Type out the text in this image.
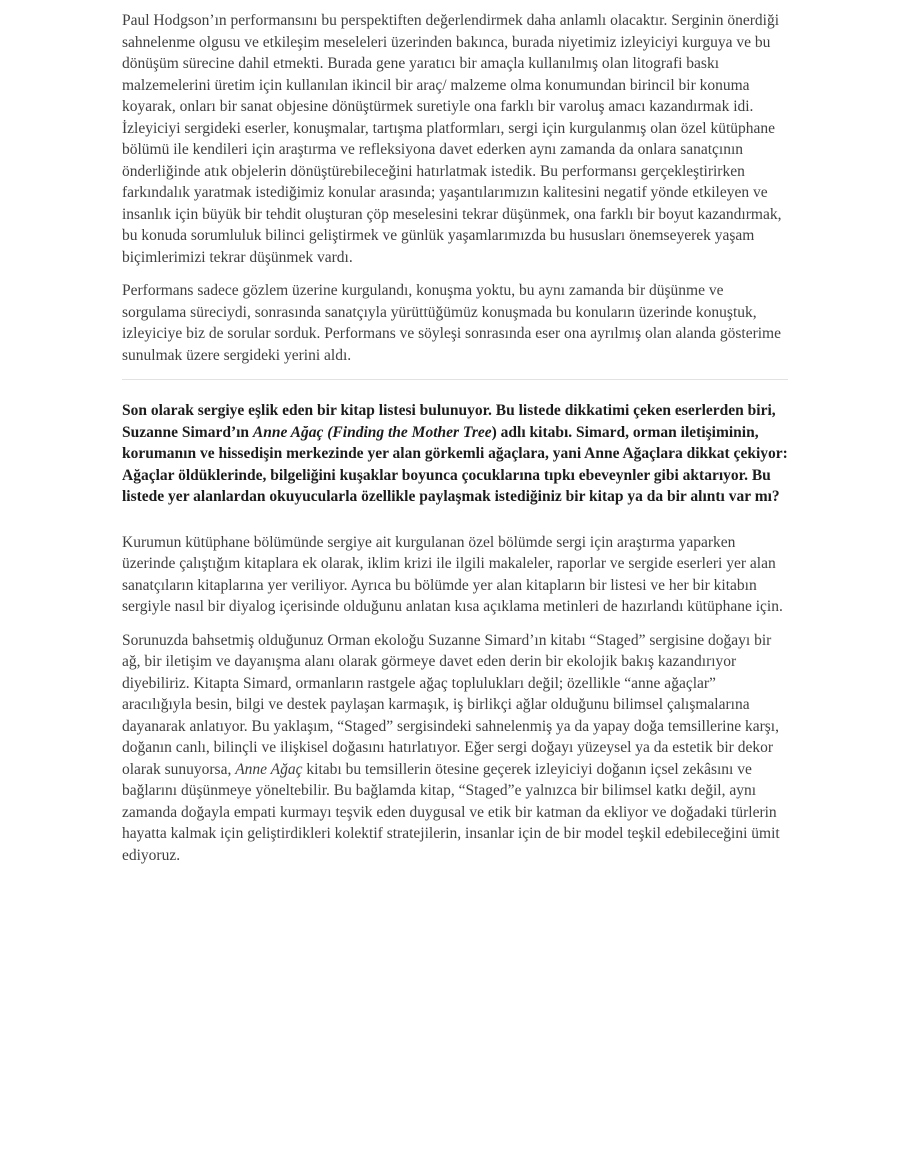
Paul Hodgson’ın performansını bu perspektiften değerlendirmek daha anlamlı olacaktır. Serginin önerdiği sahnelenme olgusu ve etkileşim meseleleri üzerinden bakınca, burada niyetimiz izleyiciyi kurguya ve bu dönüşüm sürecine dahil etmekti. Burada gene yaratıcı bir amaçla kullanılmış olan litografi baskı malzemelerini üretim için kullanılan ikincil bir araç/ malzeme olma konumundan birincil bir konuma koyarak, onları bir sanat objesine dönüştürmek suretiyle ona farklı bir varoluş amacı kazandırmak idi. İzleyiciyi sergideki eserler, konuşmalar, tartışma platformları, sergi için kurgulanmış olan özel kütüphane bölümü ile kendileri için araştırma ve refleksiyona davet ederken aynı zamanda da onlara sanatçının önderliğinde atık objelerin dönüştürebileceğini hatırlatmak istedik. Bu performansı gerçekleştirirken farkındalık yaratmak istediğimiz konular arasında; yaşantılarımızın kalitesini negatif yönde etkileyen ve insanlık için büyük bir tehdit oluşturan çöp meselesini tekrar düşünmek, ona farklı bir boyut kazandırmak, bu konuda sorumluluk bilinci geliştirmek ve günlük yaşamlarımızda bu hususları önemseyerek yaşam biçimlerimizi tekrar düşünmek vardı.

Performans sadece gözlem üzerine kurgulandı, konuşma yoktu, bu aynı zamanda bir düşünme ve sorgulama süreciydi, sonrasında sanatçıyla yürüttüğümüz konuşmada bu konuların üzerinde konuştuk, izleyiciye biz de sorular sorduk. Performans ve söyleşi sonrasında eser ona ayrılmış olan alanda gösterime sunulmak üzere sergideki yerini aldı.

Son olarak sergiye eşlik eden bir kitap listesi bulunuyor. Bu listede dikkatimi çeken eserlerden biri, Suzanne Simard’ın Anne Ağaç (Finding the Mother Tree) adlı kitabı. Simard, orman iletişiminin, korumanın ve hissedişin merkezinde yer alan görkemli ağaçlara, yani Anne Ağaçlara dikkat çekiyor: Ağaçlar öldüklerinde, bilgeliğini kuşaklar boyunca çocuklarına tıpkı ebeveynler gibi aktarıyor. Bu listede yer alanlardan okuyucularla özellikle paylaşmak istediğiniz bir kitap ya da bir alıntı var mı?

Kurumun kütüphane bölümünde sergiye ait kurgulanan özel bölümde sergi için araştırma yaparken üzerinde çalıştığım kitaplara ek olarak, iklim krizi ile ilgili makaleler, raporlar ve sergide eserleri yer alan sanatçıların kitaplarına yer veriliyor. Ayrıca bu bölümde yer alan kitapların bir listesi ve her bir kitabın sergiyle nasıl bir diyalog içerisinde olduğunu anlatan kısa açıklama metinleri de hazırlandı kütüphane için.

Sorunuzda bahsetmiş olduğunuz Orman ekoloğu Suzanne Simard’ın kitabı “Staged” sergisine doğayı bir ağ, bir iletişim ve dayanışma alanı olarak görmeye davet eden derin bir ekolojik bakış kazandırıyor diyebiliriz. Kitapta Simard, ormanların rastgele ağaç toplulukları değil; özellikle “anne ağaçlar” aracılığıyla besin, bilgi ve destek paylaşan karmaşık, iş birlikçi ağlar olduğunu bilimsel çalışmalarına dayanarak anlatıyor. Bu yaklaşım, “Staged” sergisindeki sahnelenmiş ya da yapay doğa temsillerine karşı, doğanın canlı, bilinçli ve ilişkisel doğasını hatırlatıyor. Eğer sergi doğayı yüzeysel ya da estetik bir dekor olarak sunuyorsa, Anne Ağaç kitabı bu temsillerin ötesine geçerek izleyiciyi doğanın içsel zekâsını ve bağlarını düşünmeye yöneltebilir. Bu bağlamda kitap, “Staged”e yalnızca bir bilimsel katkı değil, aynı zamanda doğayla empati kurmayı teşvik eden duygusal ve etik bir katman da ekliyor ve doğadaki türlerin hayatta kalmak için geliştirdikleri kolektif stratejilerin, insanlar için de bir model teşkil edebileceğini ümit ediyoruz.
